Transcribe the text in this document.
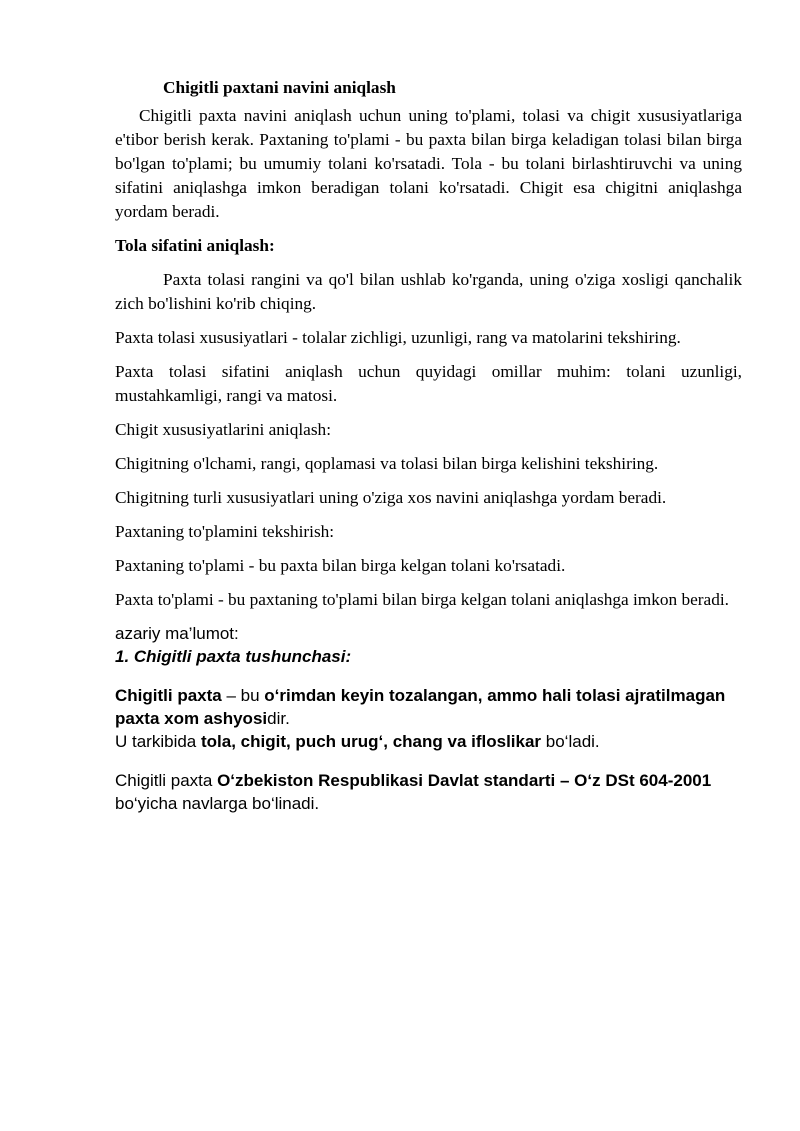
Chigitli paxtani navini aniqlash

Chigitli paxta navini aniqlash uchun uning to'plami, tolasi va chigit xususiyatlariga e'tibor berish kerak. Paxtaning to'plami - bu paxta bilan birga keladigan tolasi bilan birga bo'lgan to'plami; bu umumiy tolani ko'rsatadi. Tola - bu tolani birlashtiruvchi va uning sifatini aniqlashga imkon beradigan tolani ko'rsatadi. Chigit esa chigitni aniqlashga yordam beradi.

Tola sifatini aniqlash:

Paxta tolasi rangini va qo'l bilan ushlab ko'rganda, uning o'ziga xosligi qanchalik zich bo'lishini ko'rib chiqing.

Paxta tolasi xususiyatlari - tolalar zichligi, uzunligi, rang va matolarini tekshiring.

Paxta tolasi sifatini aniqlash uchun quyidagi omillar muhim: tolani uzunligi, mustahkamligi, rangi va matosi.

Chigit xususiyatlarini aniqlash:

Chigitning o'lchami, rangi, qoplamasi va tolasi bilan birga kelishini tekshiring.

Chigitning turli xususiyatlari uning o'ziga xos navini aniqlashga yordam beradi.

Paxtaning to'plamini tekshirish:

Paxtaning to'plami - bu paxta bilan birga kelgan tolani ko'rsatadi.

Paxta to'plami - bu paxtaning to'plami bilan birga kelgan tolani aniqlashga imkon beradi.

azariy ma’lumot:

1. Chigitli paxta tushunchasi:

Chigitli paxta – bu o‘rimdan keyin tozalangan, ammo hali tolasi ajratilmagan paxta xom ashyosidir.

U tarkibida tola, chigit, puch urug‘, chang va ifloslikar bo‘ladi.

Chigitli paxta O‘zbekiston Respublikasi Davlat standarti – O‘z DSt 604-2001 bo‘yicha navlarga bo‘linadi.
